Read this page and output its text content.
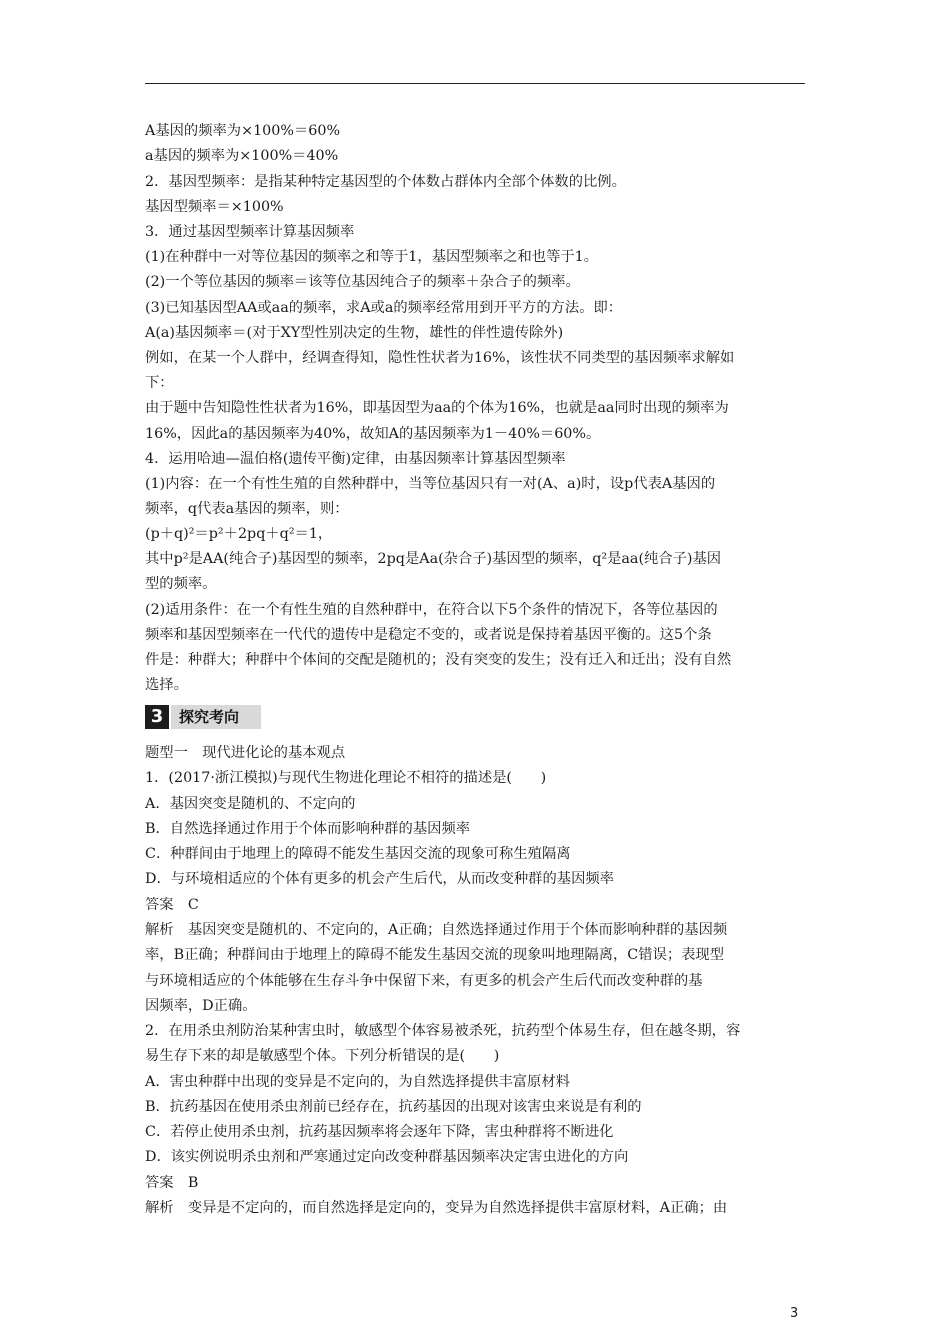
A基因的频率为×100%＝60%
a基因的频率为×100%＝40%
2．基因型频率：是指某种特定基因型的个体数占群体内全部个体数的比例。
基因型频率＝×100%
3．通过基因型频率计算基因频率
(1)在种群中一对等位基因的频率之和等于1，基因型频率之和也等于1。
(2)一个等位基因的频率＝该等位基因纯合子的频率＋杂合子的频率。
(3)已知基因型AA或aa的频率，求A或a的频率经常用到开平方的方法。即：
A(a)基因频率＝(对于XY型性别决定的生物，雄性的伴性遗传除外)
例如，在某一个人群中，经调查得知，隐性性状者为16%，该性状不同类型的基因频率求解如
下：
由于题中告知隐性性状者为16%，即基因型为aa的个体为16%，也就是aa同时出现的频率为
16%，因此a的基因频率为40%，故知A的基因频率为1－40%＝60%。
4．运用哈迪—温伯格(遗传平衡)定律，由基因频率计算基因型频率
(1)内容：在一个有性生殖的自然种群中，当等位基因只有一对(A、a)时，设p代表A基因的
频率，q代表a基因的频率，则：
(p＋q)²＝p²＋2pq＋q²＝1，
其中p²是AA(纯合子)基因型的频率，2pq是Aa(杂合子)基因型的频率，q²是aa(纯合子)基因
型的频率。
(2)适用条件：在一个有性生殖的自然种群中，在符合以下5个条件的情况下，各等位基因的
频率和基因型频率在一代代的遗传中是稳定不变的，或者说是保持着基因平衡的。这5个条
件是：种群大；种群中个体间的交配是随机的；没有突变的发生；没有迁入和迁出；没有自然
选择。
题型一　现代进化论的基本观点
1．(2017·浙江模拟)与现代生物进化理论不相符的描述是(　　)
A．基因突变是随机的、不定向的
B．自然选择通过作用于个体而影响种群的基因频率
C．种群间由于地理上的障碍不能发生基因交流的现象可称生殖隔离
D．与环境相适应的个体有更多的机会产生后代，从而改变种群的基因频率
答案　C
解析　基因突变是随机的、不定向的，A正确；自然选择通过作用于个体而影响种群的基因频
率，B正确；种群间由于地理上的障碍不能发生基因交流的现象叫地理隔离，C错误；表现型
与环境相适应的个体能够在生存斗争中保留下来，有更多的机会产生后代而改变种群的基
因频率，D正确。
2．在用杀虫剂防治某种害虫时，敏感型个体容易被杀死，抗药型个体易生存，但在越冬期，容
易生存下来的却是敏感型个体。下列分析错误的是(　　)
A．害虫种群中出现的变异是不定向的，为自然选择提供丰富原材料
B．抗药基因在使用杀虫剂前已经存在，抗药基因的出现对该害虫来说是有利的
C．若停止使用杀虫剂，抗药基因频率将会逐年下降，害虫种群将不断进化
D．该实例说明杀虫剂和严寒通过定向改变种群基因频率决定害虫进化的方向
答案　B
解析　变异是不定向的，而自然选择是定向的，变异为自然选择提供丰富原材料，A正确；由
3	探究考向
3
